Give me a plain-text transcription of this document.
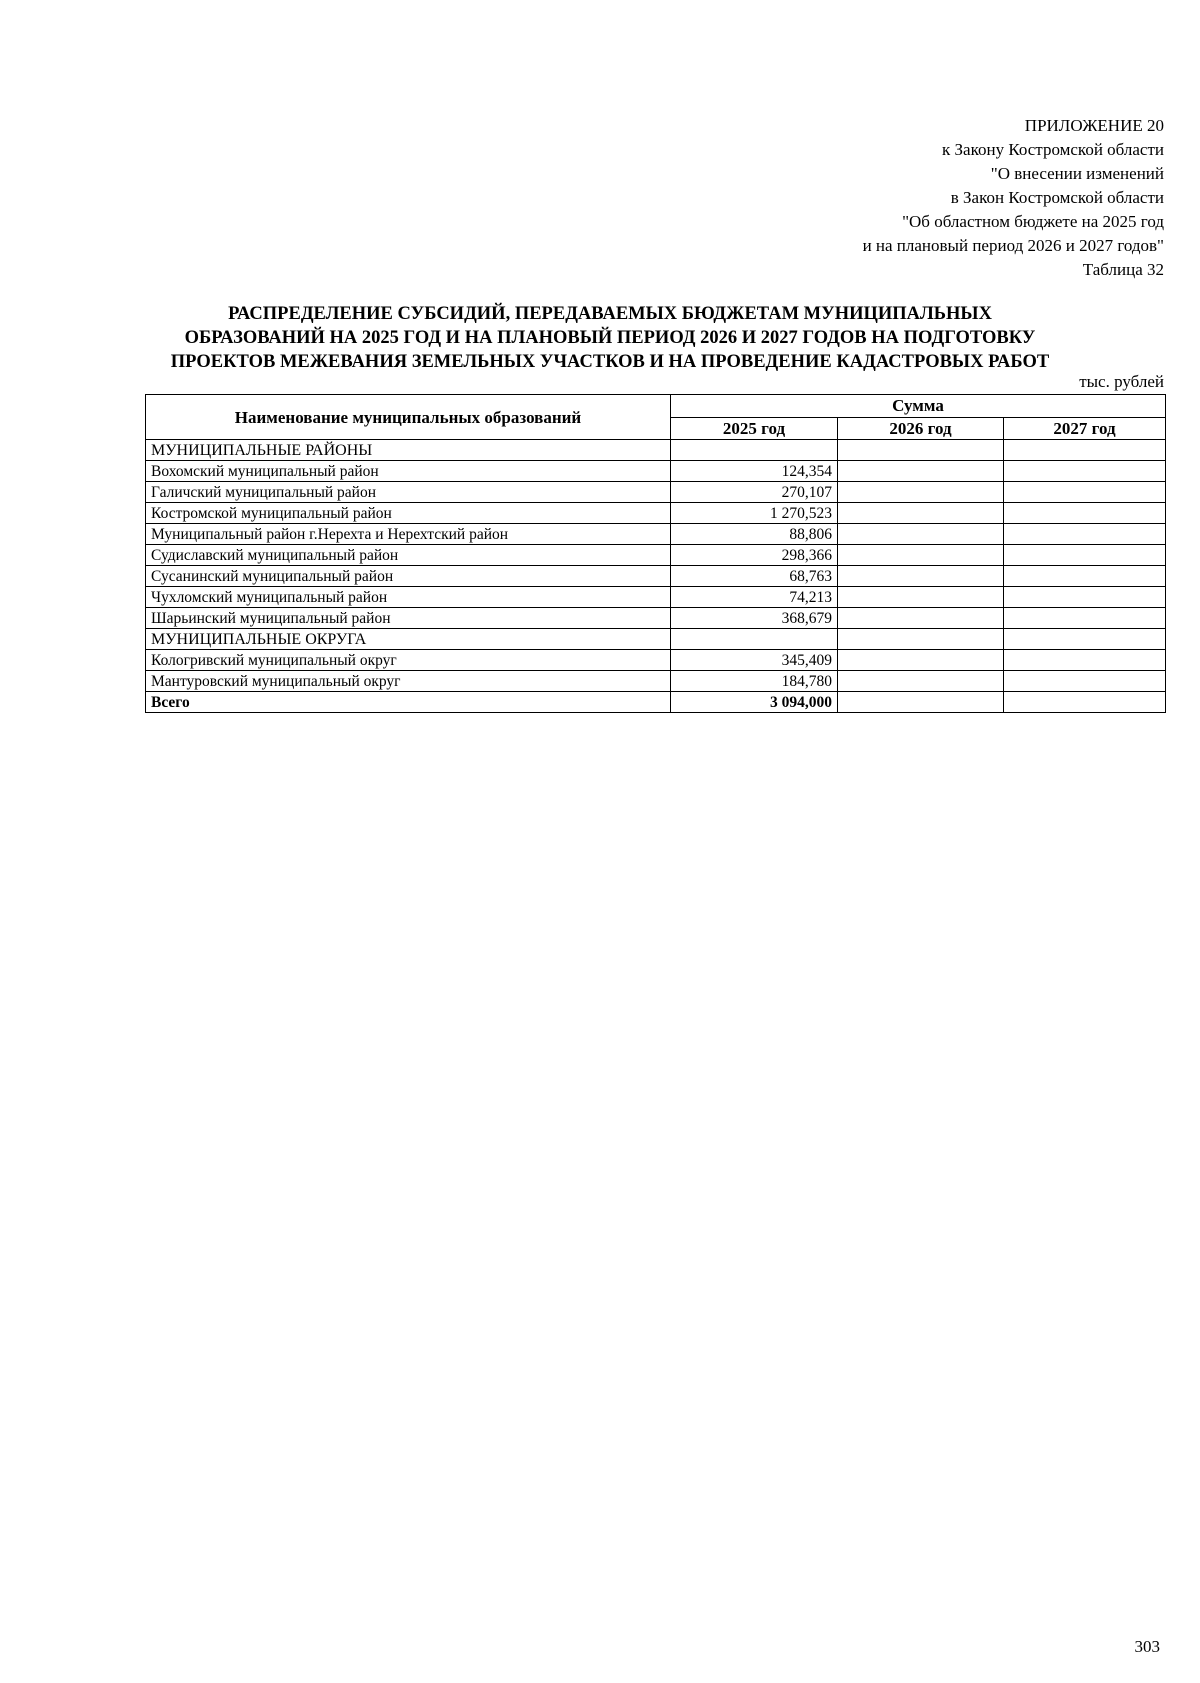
ПРИЛОЖЕНИЕ 20
к Закону Костромской области
"О внесении изменений
в Закон Костромской области
"Об областном бюджете на 2025 год
и на плановый период 2026 и 2027 годов"
Таблица 32
РАСПРЕДЕЛЕНИЕ СУБСИДИЙ, ПЕРЕДАВАЕМЫХ БЮДЖЕТАМ МУНИЦИПАЛЬНЫХ
ОБРАЗОВАНИЙ НА 2025 ГОД И НА ПЛАНОВЫЙ ПЕРИОД 2026 И 2027 ГОДОВ НА ПОДГОТОВКУ
ПРОЕКТОВ МЕЖЕВАНИЯ ЗЕМЕЛЬНЫХ УЧАСТКОВ И НА ПРОВЕДЕНИЕ КАДАСТРОВЫХ РАБОТ
тыс. рублей
Наименование муниципальных образований	Сумма		
	2025 год	2026 год	2027 год
МУНИЦИПАЛЬНЫЕ РАЙОНЫ			
Вохомский муниципальный район	124,354		
Галичский муниципальный район	270,107		
Костромской муниципальный район	1 270,523		
Муниципальный район г.Нерехта и Нерехтский район	88,806		
Судиславский муниципальный район	298,366		
Сусанинский муниципальный район	68,763		
Чухломский муниципальный район	74,213		
Шарьинский муниципальный район	368,679		
МУНИЦИПАЛЬНЫЕ ОКРУГА			
Кологривский муниципальный округ	345,409		
Мантуровский муниципальный округ	184,780		
Всего	3 094,000		
303
